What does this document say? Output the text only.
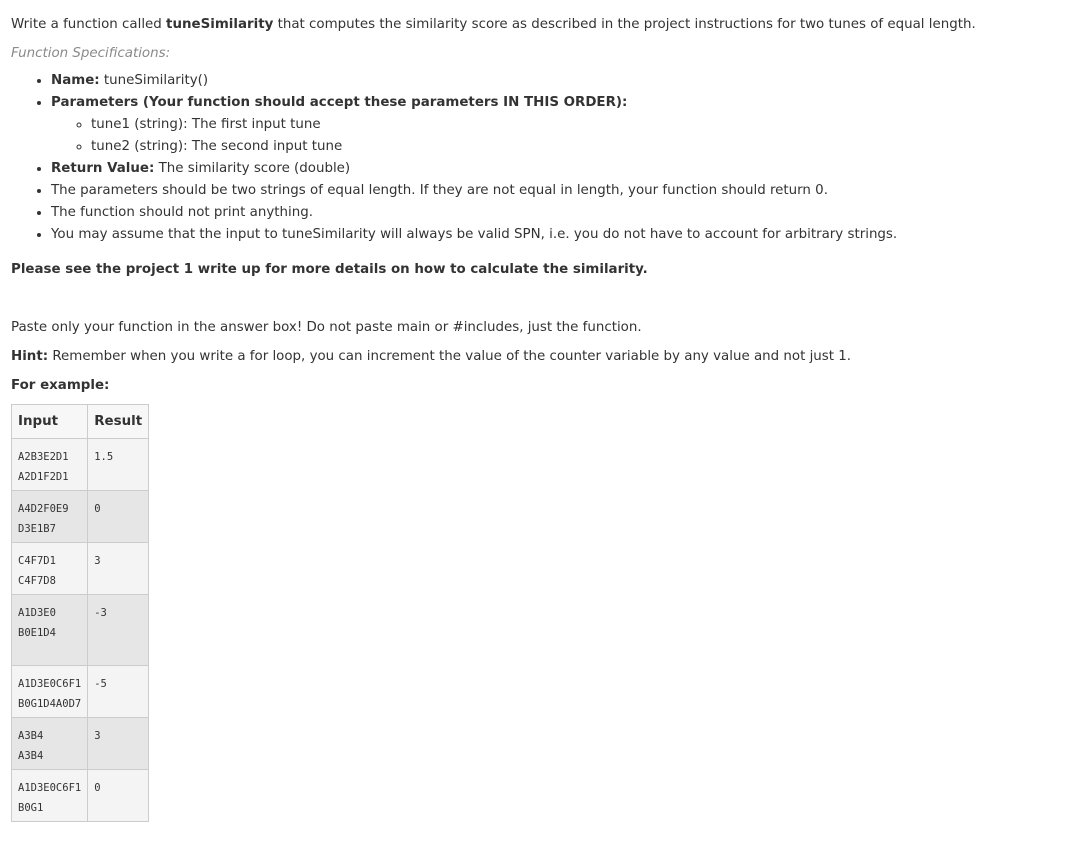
Write a function called tuneSimilarity that computes the similarity score as described in the project instructions for two tunes of equal length.

Function Specifications:

• Name: tuneSimilarity()
• Parameters (Your function should accept these parameters IN THIS ORDER):
◦ tune1 (string): The first input tune
◦ tune2 (string): The second input tune
• Return Value: The similarity score (double)
• The parameters should be two strings of equal length. If they are not equal in length, your function should return 0.
• The function should not print anything.
• You may assume that the input to tuneSimilarity will always be valid SPN, i.e. you do not have to account for arbitrary strings.

Please see the project 1 write up for more details on how to calculate the similarity.

Paste only your function in the answer box! Do not paste main or #includes, just the function.

Hint: Remember when you write a for loop, you can increment the value of the counter variable by any value and not just 1.

For example:

Input	Result

A2B3E2D1
A2D1F2D1	1.5

A4D2F0E9
D3E1B7	0

C4F7D1
C4F7D8	3

A1D3E0
B0E1D4	-3

A1D3E0C6F1
B0G1D4A0D7	-5

A3B4
A3B4	3

A1D3E0C6F1
B0G1	0
